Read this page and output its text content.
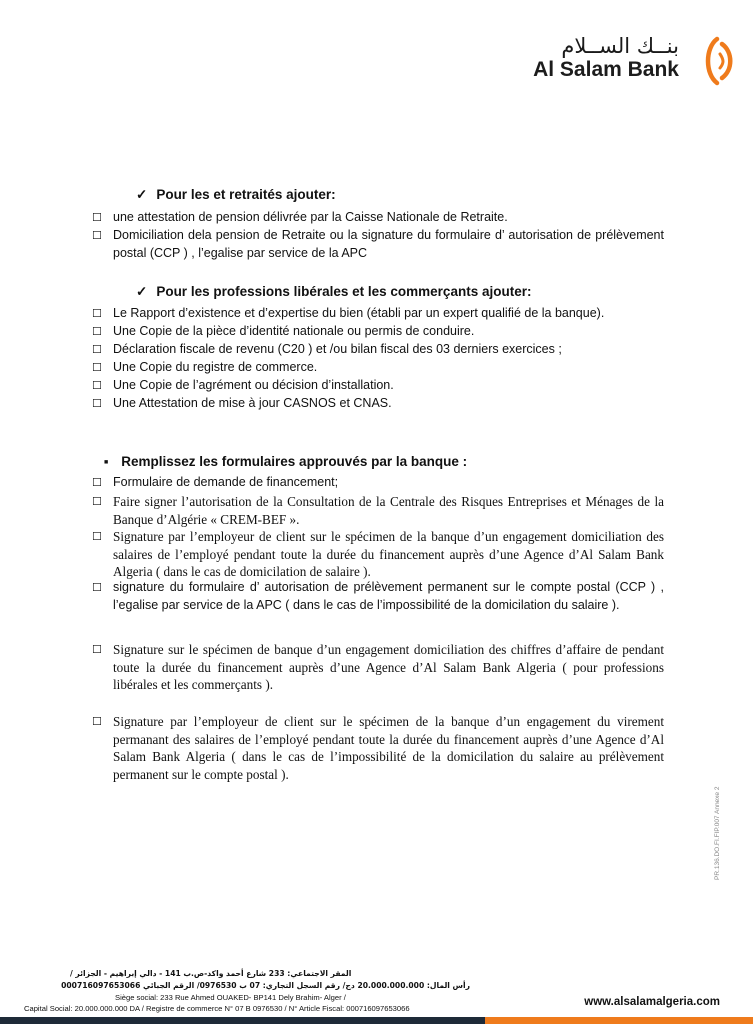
بنــك الســلام
Al Salam Bank
✓ Pour les et retraités ajouter:
☐ une attestation de pension délivrée par la Caisse Nationale de Retraite.
☐ Domiciliation dela pension de Retraite ou la signature du formulaire d’ autorisation de prélèvement postal (CCP ) , l’egalise par service de la APC
✓ Pour les professions libérales et les commerçants ajouter:
☐ Le Rapport d’existence et d’expertise du bien (établi par un expert qualifié de la banque).
☐ Une Copie de la pièce d’identité nationale ou permis de conduire.
☐ Déclaration fiscale de revenu (C20 ) et /ou bilan fiscal des 03 derniers exercices ;
☐ Une Copie du registre de commerce.
☐ Une Copie de l’agrément ou décision d’installation.
☐ Une Attestation de mise à jour CASNOS et CNAS.
■ Remplissez les formulaires approuvés par la banque :
☐ Formulaire de demande de financement;
☐ Faire signer l’autorisation de la Consultation de la Centrale des Risques Entreprises et Ménages de la Banque d’Algérie « CREM-BEF ».
☐ Signature par l’employeur de client sur le spécimen de la banque d’un engagement domiciliation des salaires de l’employé pendant toute la durée du financement auprès d’une Agence d’Al Salam Bank Algeria ( dans le cas de domicilation de salaire ).
☐ signature du formulaire d’ autorisation de prélèvement permanent sur le compte postal (CCP ) , l’egalise par service de la APC ( dans le cas de l’impossibilité de la domicilation du salaire ).
☐ Signature sur le spécimen de banque d’un engagement domiciliation des chiffres d’affaire de pendant toute la durée du financement auprès d’une Agence d’Al Salam Bank Algeria ( pour professions libérales et les commerçants ).
☐ Signature par l’employeur de client sur le spécimen de la banque d’un engagement du virement permanant des salaires de l’employé pendant toute la durée du financement auprès d’une Agence d’Al Salam Bank Algeria ( dans le cas de l’impossibilité de la domicilation du salaire au prélèvement permanent sur le compte postal ).
PR.136.DO.FI.FIP.007 Annexe 2
المقر الاجتماعي: 233 شارع أحمد واكد-ص.ب 141 - دالي إبراهيم - الجزائر /
رأس المال: 20.000.000.000 دج/ رقم السجل التجاري: 07 ب 0976530/ الرقم الجبائي 000716097653066
Siège social: 233 Rue Ahmed OUAKED- BP141 Dely Brahim- Alger /
Capital Social: 20.000.000.000 DA / Registre de commerce N° 07 B 0976530 / N° Article Fiscal: 000716097653066
www.alsalamalgeria.com
